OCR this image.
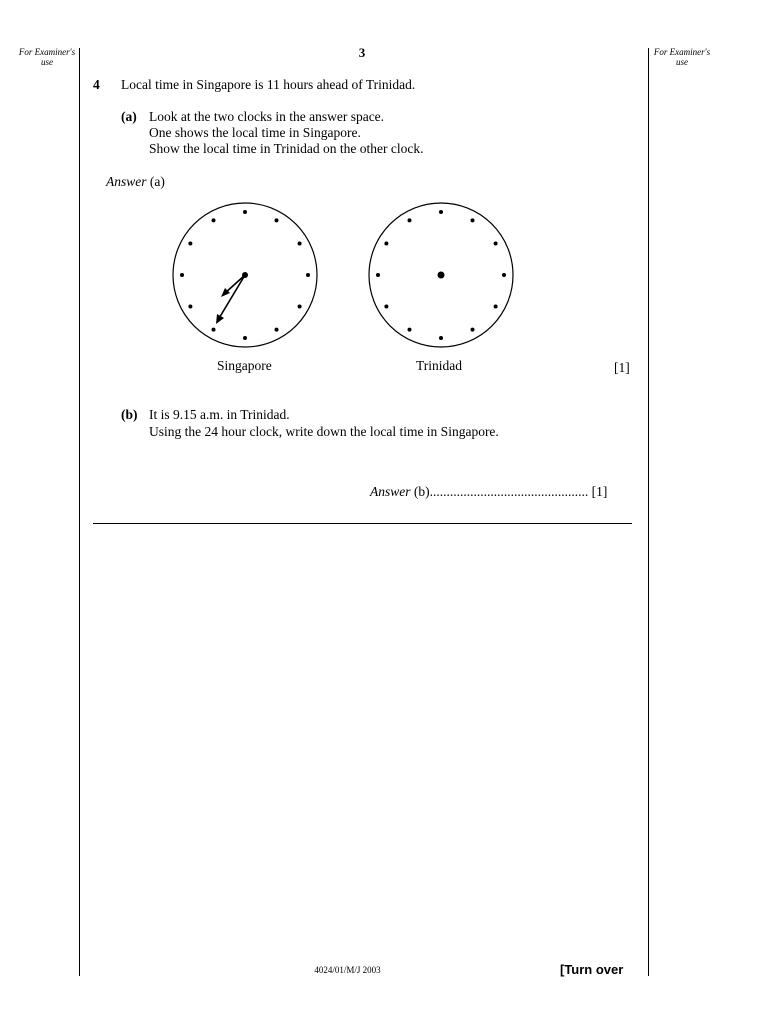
For Examiner's use
For Examiner's use
3
4 Local time in Singapore is 11 hours ahead of Trinidad.
(a) Look at the two clocks in the answer space.
One shows the local time in Singapore.
Show the local time in Trinidad on the other clock.
Answer (a)
Singapore	Trinidad	[1]
(b) It is 9.15 a.m. in Trinidad.
Using the 24 hour clock, write down the local time in Singapore.
Answer (b)............................................... [1]
4024/01/M/J 2003	[Turn over
